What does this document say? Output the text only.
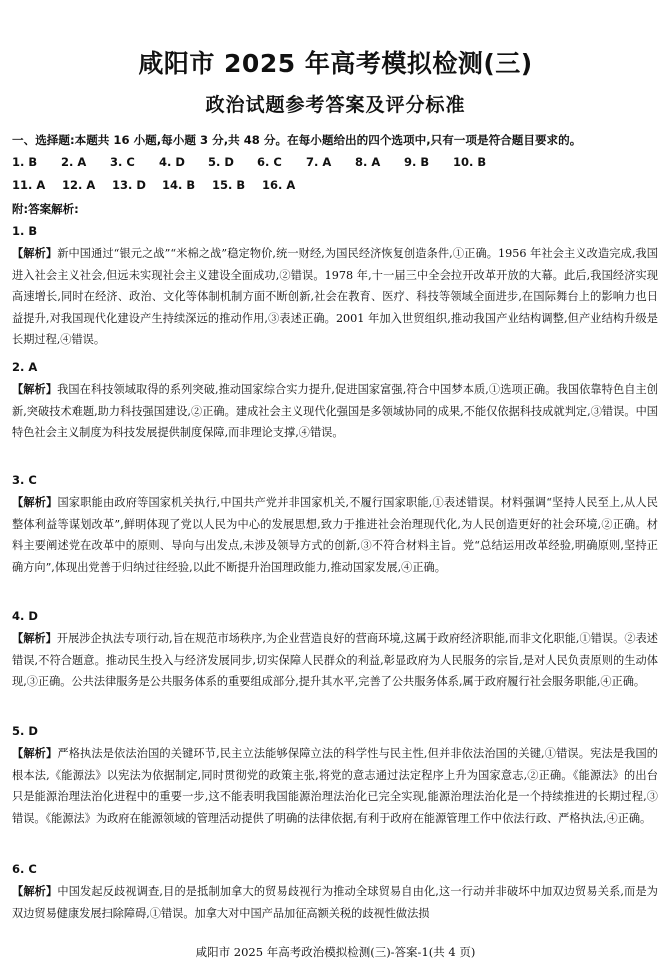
咸阳市 2025 年高考模拟检测(三)
政治试题参考答案及评分标准
一、选择题:本题共 16 小题,每小题 3 分,共 48 分。在每小题给出的四个选项中,只有一项是符合题目要求的。
1. B 2. A 3. C 4. D 5. D 6. C 7. A 8. A 9. B 10. B
11. A 12. A 13. D 14. B 15. B 16. A
附:答案解析:
1. B
【解析】新中国通过“银元之战”“米棉之战”稳定物价,统一财经,为国民经济恢复创造条件,①正确。1956 年社会主义改造完成,我国进入社会主义社会,但远未实现社会主义建设全面成功,②错误。1978 年,十一届三中全会拉开改革开放的大幕。此后,我国经济实现高速增长,同时在经济、政治、文化等体制机制方面不断创新,社会在教育、医疗、科技等领域全面进步,在国际舞台上的影响力也日益提升,对我国现代化建设产生持续深远的推动作用,③表述正确。2001 年加入世贸组织,推动我国产业结构调整,但产业结构升级是长期过程,④错误。
2. A
【解析】我国在科技领域取得的系列突破,推动国家综合实力提升,促进国家富强,符合中国梦本质,①选项正确。我国依靠特色自主创新,突破技术难题,助力科技强国建设,②正确。建成社会主义现代化强国是多领域协同的成果,不能仅依据科技成就判定,③错误。中国特色社会主义制度为科技发展提供制度保障,而非理论支撑,④错误。
3. C
【解析】国家职能由政府等国家机关执行,中国共产党并非国家机关,不履行国家职能,①表述错误。材料强调“坚持人民至上,从人民整体利益等谋划改革”,鲜明体现了党以人民为中心的发展思想,致力于推进社会治理现代化,为人民创造更好的社会环境,②正确。材料主要阐述党在改革中的原则、导向与出发点,未涉及领导方式的创新,③不符合材料主旨。党“总结运用改革经验,明确原则,坚持正确方向”,体现出党善于归纳过往经验,以此不断提升治国理政能力,推动国家发展,④正确。
4. D
【解析】开展涉企执法专项行动,旨在规范市场秩序,为企业营造良好的营商环境,这属于政府经济职能,而非文化职能,①错误。②表述错误,不符合题意。推动民生投入与经济发展同步,切实保障人民群众的利益,彰显政府为人民服务的宗旨,是对人民负责原则的生动体现,③正确。公共法律服务是公共服务体系的重要组成部分,提升其水平,完善了公共服务体系,属于政府履行社会服务职能,④正确。
5. D
【解析】严格执法是依法治国的关键环节,民主立法能够保障立法的科学性与民主性,但并非依法治国的关键,①错误。宪法是我国的根本法,《能源法》以宪法为依据制定,同时贯彻党的政策主张,将党的意志通过法定程序上升为国家意志,②正确。《能源法》的出台只是能源治理法治化进程中的重要一步,这不能表明我国能源治理法治化已完全实现,能源治理法治化是一个持续推进的长期过程,③错误。《能源法》为政府在能源领域的管理活动提供了明确的法律依据,有利于政府在能源管理工作中依法行政、严格执法,④正确。
6. C
【解析】中国发起反歧视调查,目的是抵制加拿大的贸易歧视行为推动全球贸易自由化,这一行动并非破坏中加双边贸易关系,而是为双边贸易健康发展扫除障碍,①错误。加拿大对中国产品加征高额关税的歧视性做法损
咸阳市 2025 年高考政治模拟检测(三)-答案-1(共 4 页)
